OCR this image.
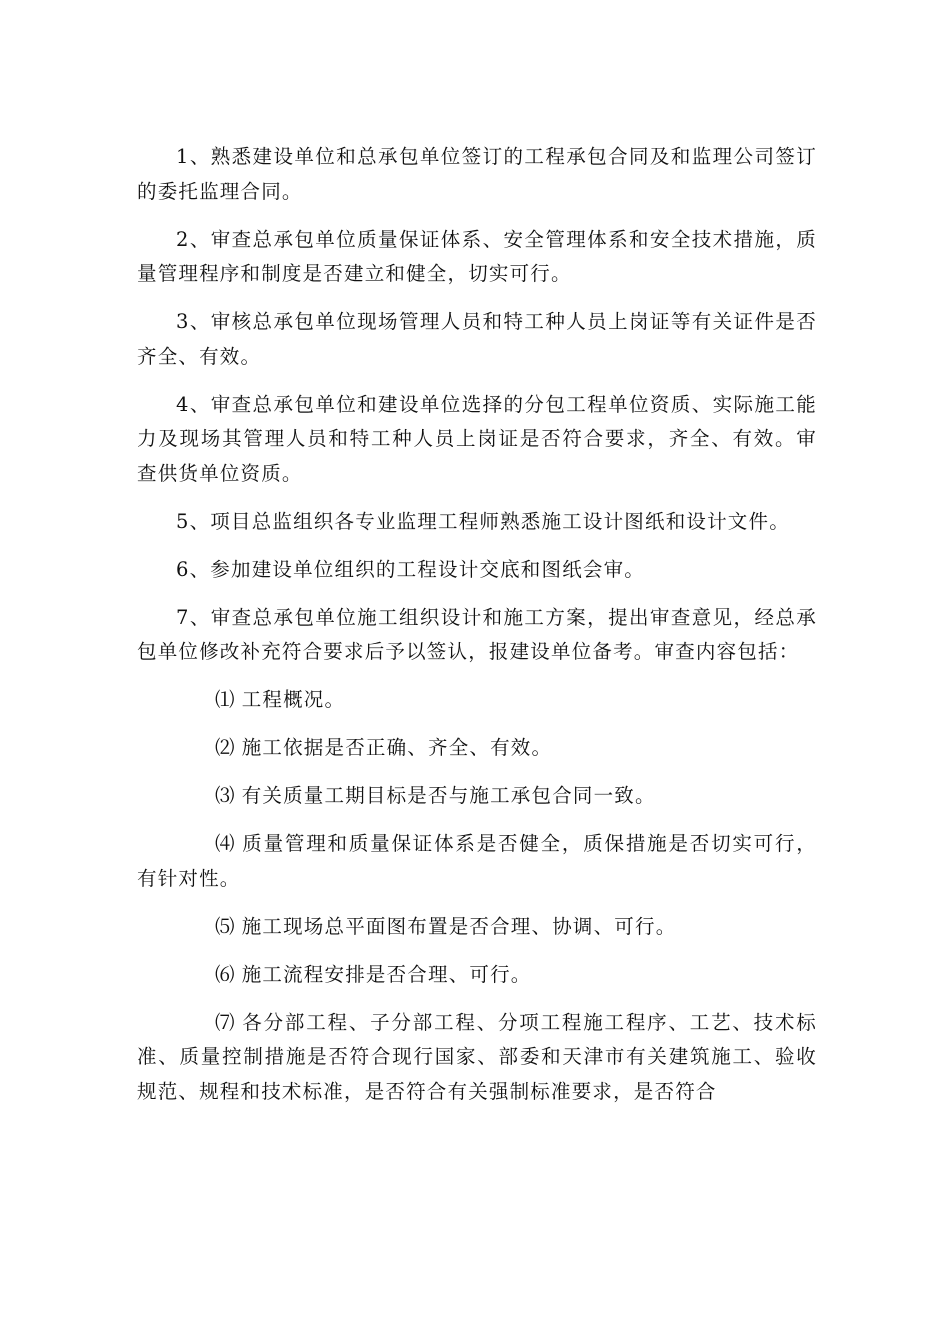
1、熟悉建设单位和总承包单位签订的工程承包合同及和监理公司签订的委托监理合同。

2、审查总承包单位质量保证体系、安全管理体系和安全技术措施，质量管理程序和制度是否建立和健全，切实可行。

3、审核总承包单位现场管理人员和特工种人员上岗证等有关证件是否齐全、有效。

4、审查总承包单位和建设单位选择的分包工程单位资质、实际施工能力及现场其管理人员和特工种人员上岗证是否符合要求，齐全、有效。审查供货单位资质。

5、项目总监组织各专业监理工程师熟悉施工设计图纸和设计文件。

6、参加建设单位组织的工程设计交底和图纸会审。

7、审查总承包单位施工组织设计和施工方案，提出审查意见，经总承包单位修改补充符合要求后予以签认，报建设单位备考。审查内容包括：

⑴ 工程概况。

⑵ 施工依据是否正确、齐全、有效。

⑶ 有关质量工期目标是否与施工承包合同一致。

⑷ 质量管理和质量保证体系是否健全，质保措施是否切实可行，有针对性。

⑸ 施工现场总平面图布置是否合理、协调、可行。

⑹ 施工流程安排是否合理、可行。

⑺ 各分部工程、子分部工程、分项工程施工程序、工艺、技术标准、质量控制措施是否符合现行国家、部委和天津市有关建筑施工、验收规范、规程和技术标准，是否符合有关强制标准要求，是否符合
